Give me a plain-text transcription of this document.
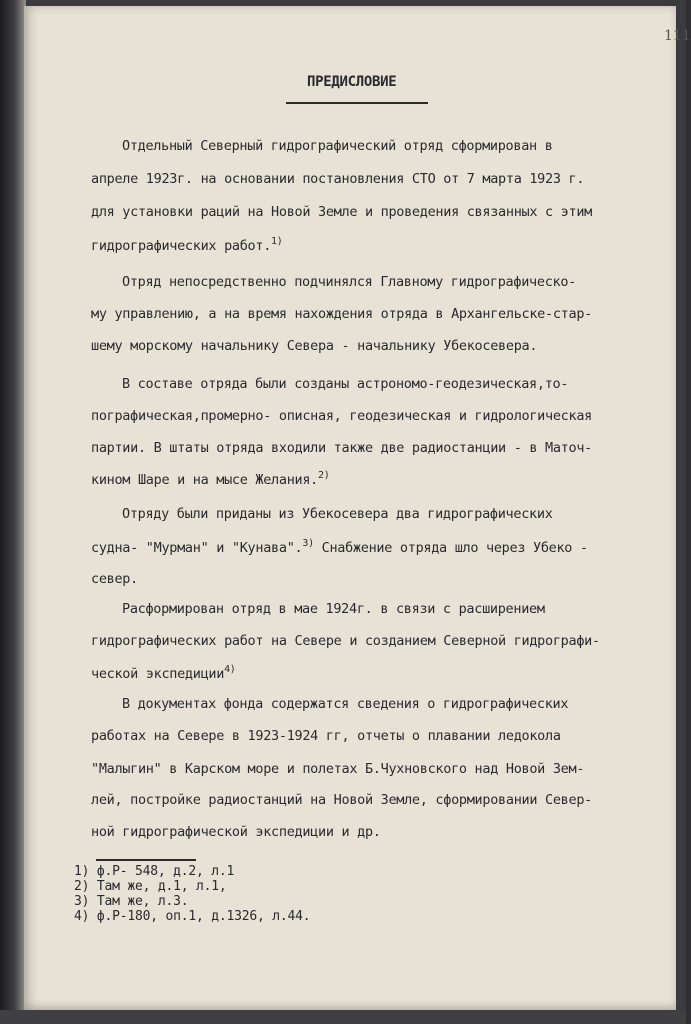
111
ПРЕДИСЛОВИЕ
Отдельный Северный гидрографический отряд сформирован в
апреле 1923г. на основании постановления СТО от 7 марта 1923 г.
для установки раций на Новой Земле и проведения связанных с этим
гидрографических работ.$^{1)}$
Отряд непосредственно подчинялся Главному гидрографическо-
му управлению, а на время нахождения отряда в Архангельске-стар-
шему морскому начальнику Севера - начальнику Убекосевера.
В составе отряда были созданы астрономо-геодезическая,то-
пографическая,промерно- описная, геодезическая и гидрологическая
партии. В штаты отряда входили также две радиостанции - в Маточ-
кином Шаре и на мысе Желания.$^{2)}$
Отряду были приданы из Убекосевера два гидрографических
судна- "Мурман" и "Кунава".$^{3)}$ Снабжение отряда шло через Убеко -
север.
Расформирован отряд в мае 1924г. в связи с расширением
гидрографических работ на Севере и созданием Северной гидрографи-
ческой экспедиции$^{4)}$
В документах фонда содержатся сведения о гидрографических
работах на Севере в 1923-1924 гг, отчеты о плавании ледокола
"Малыгин" в Карском море и полетах Б.Чухновского над Новой Зем-
лей, постройке радиостанций на Новой Земле, сформировании Север-
ной гидрографической экспедиции и др.
1) ф.Р- 548, д.2, л.1
2) Там же, д.1, л.1,
3) Там же, л.3.
4) ф.Р-180, оп.1, д.1326, л.44.
